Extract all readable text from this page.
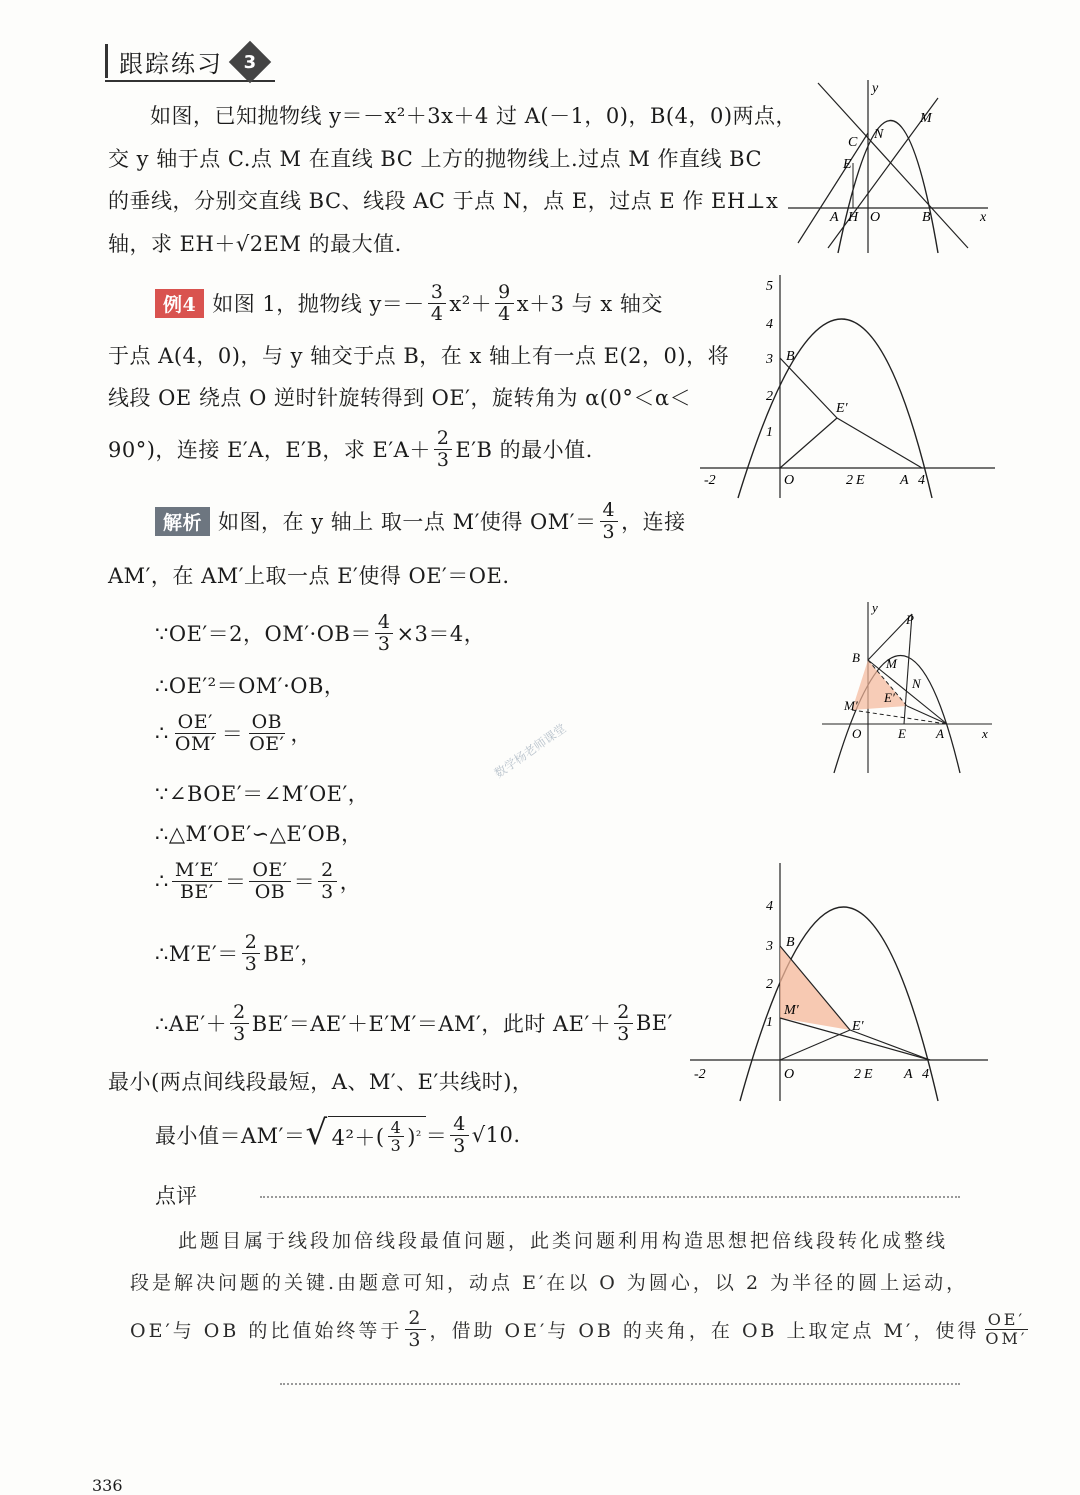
跟踪练习 3
如图，已知抛物线 y＝－x²＋3x＋4 过 A(－1，0)，B(4，0)两点，
交 y 轴于点 C.点 M 在直线 BC 上方的抛物线上.过点 M 作直线 BC
的垂线，分别交直线 BC、线段 AC 于点 N，点 E，过点 E 作 EH⊥x
轴，求 EH＋√2EM 的最大值.
y
M
C
N
E
A H O	B	x
例4 如图 1，抛物线 $y=- \frac{3}{4} x^2+ \frac{9}{4} x+3$ 与 x 轴交
于点 A(4，0)，与 y 轴交于点 B，在 x 轴上有一点 E(2，0)，将
线段 OE 绕点 O 逆时针旋转得到 OE′，旋转角为 α(0°＜α＜
90°)，连接 E′A，E′B，求 $E'A+ \frac{2}{3} E'B$ 的最小值.
5
4
3 B
2
1
E′
-2	O	2 E	A 4
解析 如图，在 y 轴上 取一点 M′使得 $OM'= \frac{4}{3}$ ，连接
AM′，在 AM′上取一点 E′使得 OE′＝OE.
∵OE′＝2，$OM'\cdot OB= \frac{4}{3} \times 3=4$，
∴OE′²＝OM′·OB，
∴ $\frac{OE'}{OM'} = \frac{OB}{OE'}$ ，
∵∠BOE′＝∠M′OE′，
∴△M′OE′∽△E′OB，
∴ $\frac{M'E'}{BE'} = \frac{OE'}{OB} = \frac{2}{3}$ ，
∴M′E′＝ $\frac{2}{3} BE'$，
∴AE′＋ $\frac{2}{3} BE'=AE'+E'M'=AM'$，此时 $AE'+ \frac{2}{3} BE'$
最小(两点间线段最短，A、M′、E′共线时)，
最小值＝AM′＝ √ 4²＋ ( $\frac{4}{3}$ ) $^2 = \frac{4}{3} √10$.
y
P
B M
N
E′
M′
O	E A	x
4
3 B
2
1
M′
E′
-2	O	2 E A 4
点评
此题目属于线段加倍线段最值问题，此类问题利用构造思想把倍线段转化成整线
段是解决问题的关键.由题意可知，动点 E′在以 O 为圆心，以 2 为半径的圆上运动，
OE′与 OB 的比值始终等于 $\frac{2}{3}$ ，借助 OE′与 OB 的夹角，在 OB 上取定点 M′，使得 $\frac{OE'}{OM'}$
数学杨老师课堂
336
